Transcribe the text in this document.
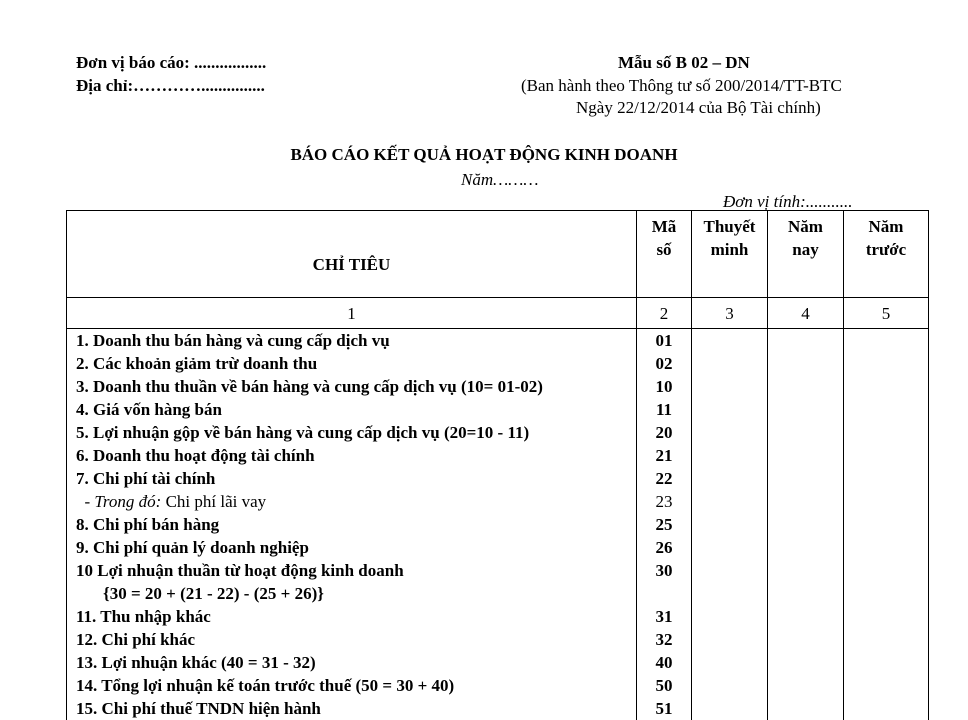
Đơn vị báo cáo: .................
Địa chỉ:…………...............
Mẫu số B 02 – DN
(Ban hành theo Thông tư số 200/2014/TT-BTC
Ngày 22/12/2014 của Bộ Tài chính)
BÁO CÁO KẾT QUẢ HOẠT ĐỘNG KINH DOANH
Năm………
Đơn vị tính:...........
CHỈ TIÊU	Mã số	Thuyết minh	Năm nay	Năm trước
1	2	3	4	5
1. Doanh thu bán hàng và cung cấp dịch vụ	01			
2. Các khoản giảm trừ doanh thu	02			
3. Doanh thu thuần về bán hàng và cung cấp dịch vụ (10= 01-02)	10			
4. Giá vốn hàng bán	11			
5. Lợi nhuận gộp về bán hàng và cung cấp dịch vụ (20=10 - 11)	20			
6. Doanh thu hoạt động tài chính	21			
7. Chi phí tài chính	22			
- Trong đó: Chi phí lãi vay	23			
8. Chi phí bán hàng	25			
9. Chi phí quản lý doanh nghiệp	26			
10 Lợi nhuận thuần từ hoạt động kinh doanh	30			
{30 = 20 + (21 - 22) - (25 + 26)}				
11. Thu nhập khác	31			
12. Chi phí khác	32			
13. Lợi nhuận khác (40 = 31 - 32)	40			
14. Tổng lợi nhuận kế toán trước thuế (50 = 30 + 40)	50			
15. Chi phí thuế TNDN hiện hành	51			
